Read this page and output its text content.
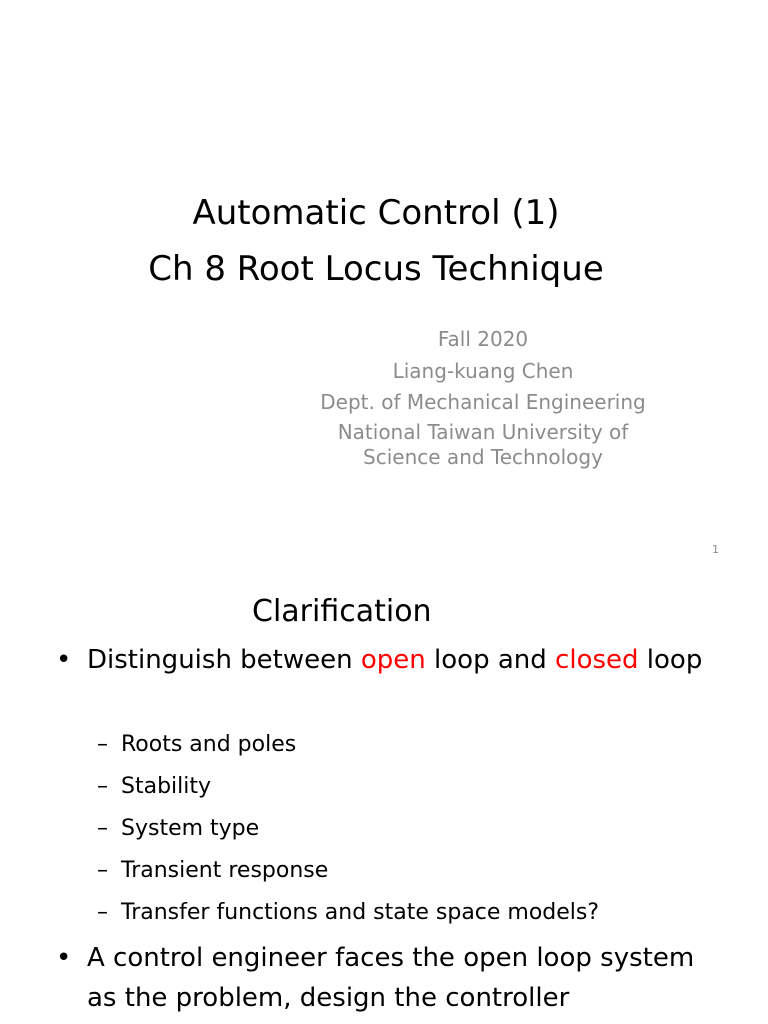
Automatic Control (1)
Ch 8 Root Locus Technique
Fall 2020
Liang-kuang Chen
Dept. of Mechanical Engineering
National Taiwan University of Science and Technology
1
Clarification
• Distinguish between open loop and closed loop
– Roots and poles
– Stability
– System type
– Transient response
– Transfer functions and state space models?
• A control engineer faces the open loop system as the problem, design the controller
